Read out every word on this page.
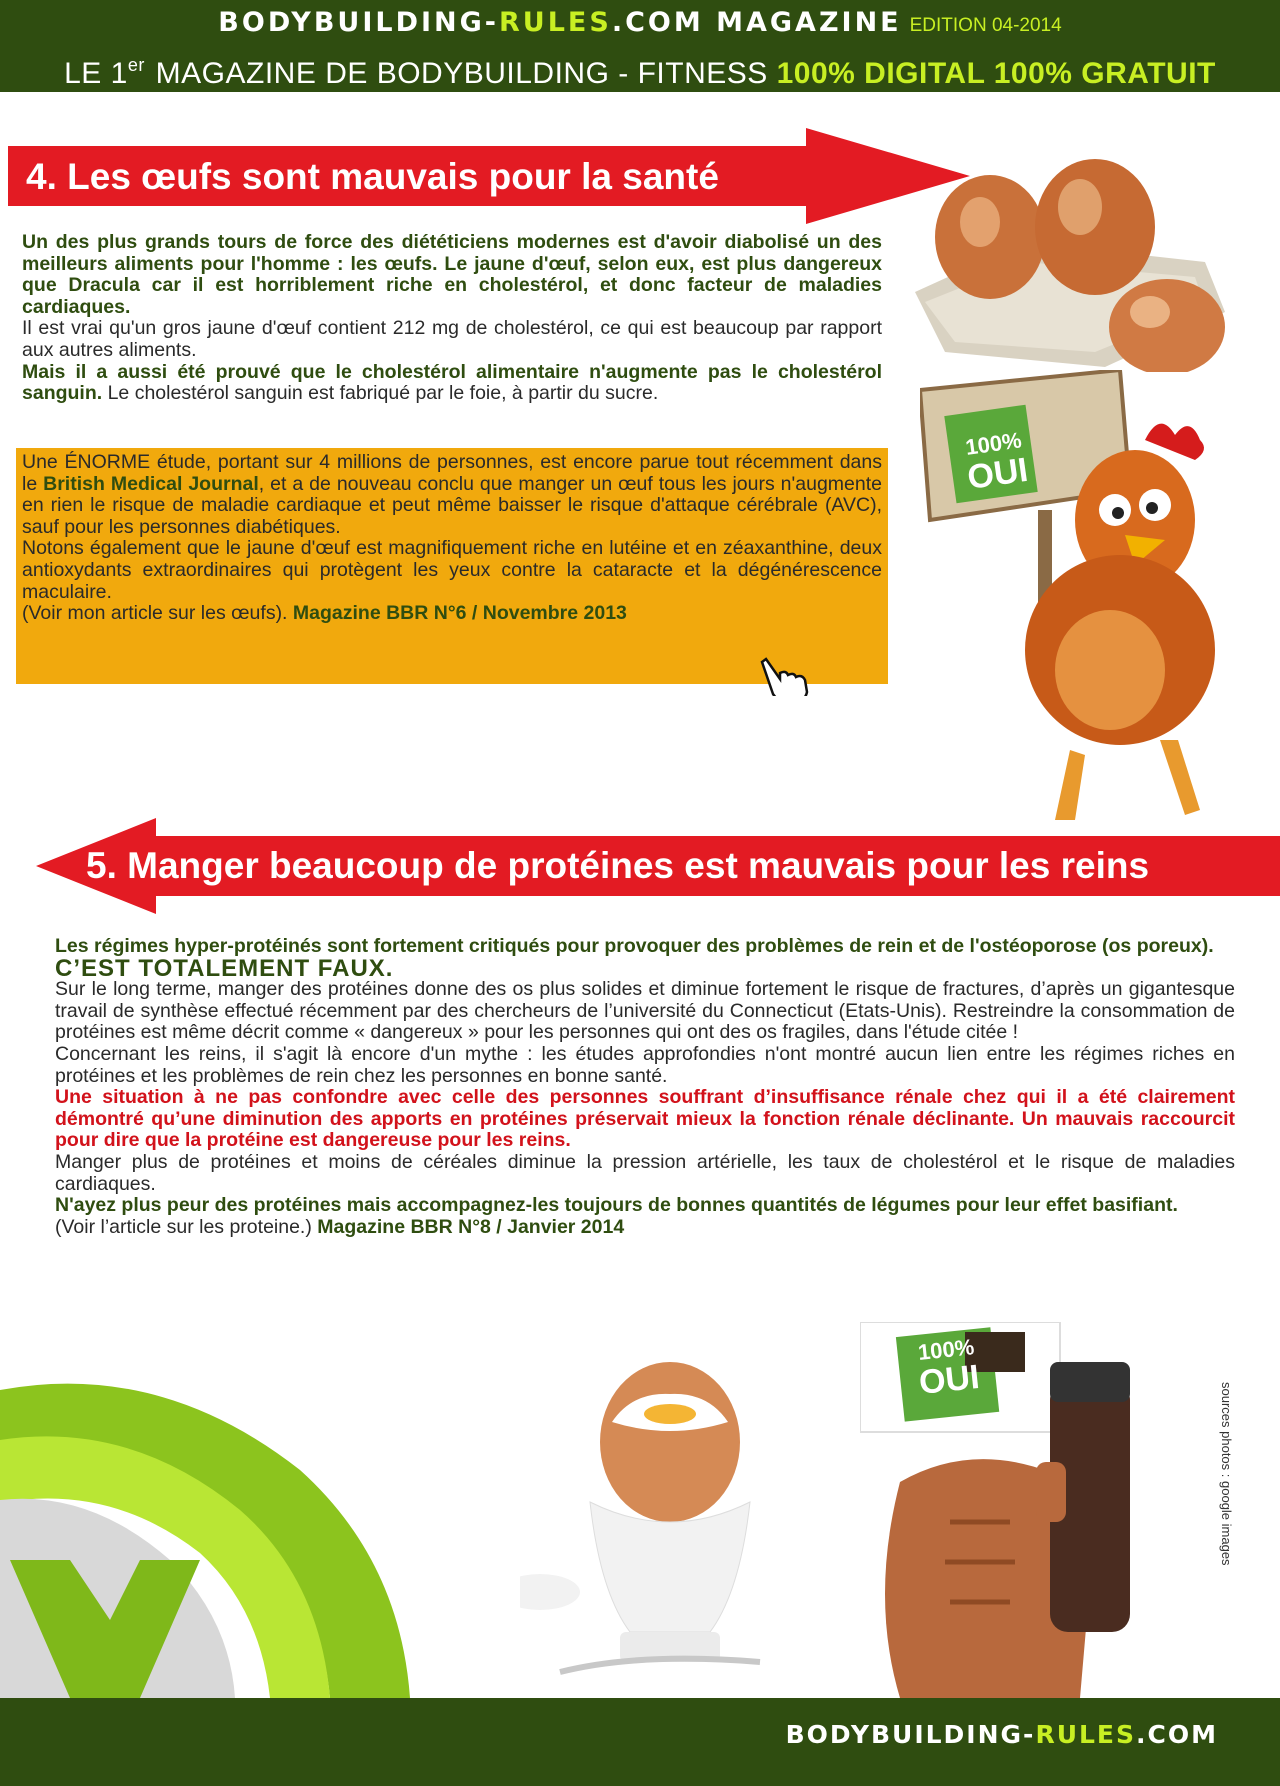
BODYBUILDING-RULES.COM MAGAZINE EDITION 04-2014
LE 1er MAGAZINE DE BODYBUILDING - FITNESS 100% DIGITAL 100% GRATUIT
4. Les œufs sont mauvais pour la santé
100%
OUI
Un des plus grands tours de force des diététiciens modernes est d'avoir diabolisé un des meilleurs aliments pour l'homme : les œufs. Le jaune d'œuf, selon eux, est plus dangereux que Dracula car il est horriblement riche en cholestérol, et donc facteur de maladies cardiaques.
Il est vrai qu'un gros jaune d'œuf contient 212 mg de cholestérol, ce qui est beaucoup par rapport aux autres aliments.
Mais il a aussi été prouvé que le cholestérol alimentaire n'augmente pas le cholestérol sanguin. Le cholestérol sanguin est fabriqué par le foie, à partir du sucre.
Une ÉNORME étude, portant sur 4 millions de personnes, est encore parue tout récemment dans le British Medical Journal, et a de nouveau conclu que manger un œuf tous les jours n'augmente en rien le risque de maladie cardiaque et peut même baisser le risque d'attaque cérébrale (AVC), sauf pour les personnes diabétiques.
Notons également que le jaune d'œuf est magnifiquement riche en lutéine et en zéaxanthine, deux antioxydants extraordinaires qui protègent les yeux contre la cataracte et la dégénérescence maculaire.
(Voir mon article sur les œufs). Magazine BBR N°6 / Novembre 2013
5. Manger beaucoup de protéines est mauvais pour les reins
Les régimes hyper-protéinés sont fortement critiqués pour provoquer des problèmes de rein et de l'ostéoporose (os poreux).
C’EST TOTALEMENT FAUX.
Sur le long terme, manger des protéines donne des os plus solides et diminue fortement le risque de fractures, d’après un gigantesque travail de synthèse effectué récemment par des chercheurs de l’université du Connecticut (Etats-Unis). Restreindre la consommation de protéines est même décrit comme « dangereux » pour les personnes qui ont des os fragiles, dans l'étude citée !
Concernant les reins, il s'agit là encore d'un mythe : les études approfondies n'ont montré aucun lien entre les régimes riches en protéines et les problèmes de rein chez les personnes en bonne santé.
Une situation à ne pas confondre avec celle des personnes souffrant d’insuffisance rénale chez qui il a été clairement démontré qu’une diminution des apports en protéines préservait mieux la fonction rénale déclinante. Un mauvais raccourcit pour dire que la protéine est dangereuse pour les reins.
Manger plus de protéines et moins de céréales diminue la pression artérielle, les taux de cholestérol et le risque de maladies cardiaques.
N'ayez plus peur des protéines mais accompagnez-les toujours de bonnes quantités de légumes pour leur effet basifiant.
(Voir l’article sur les proteine.) Magazine BBR N°8 / Janvier 2014
100%
OUI
sources photos : google images
BODYBUILDING-RULES.COM
